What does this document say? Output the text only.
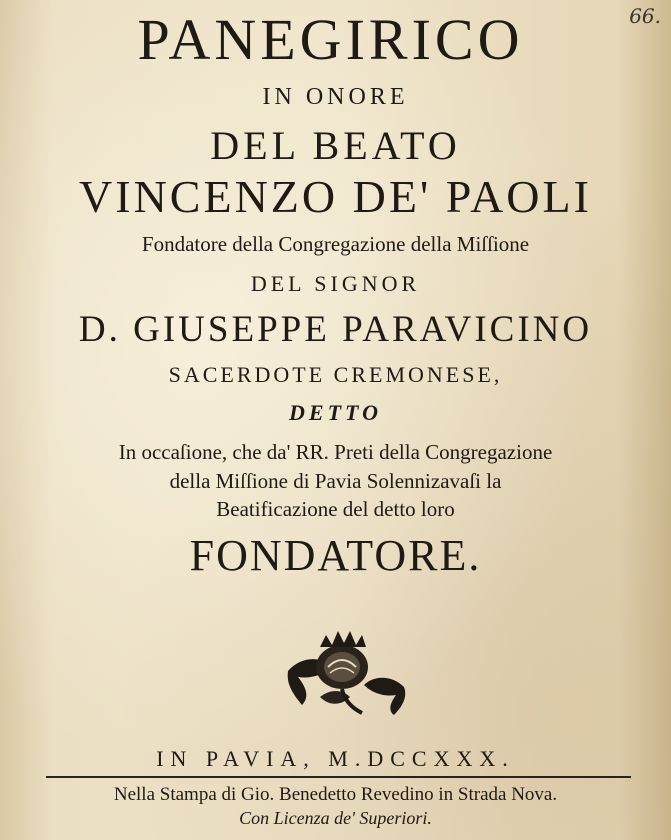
66.
PANEGIRICO
IN ONORE
DEL BEATO
VINCENZO DE' PAOLI
Fondatore della Congregazione della Miſſione
DEL SIGNOR
D. GIUSEPPE PARAVICINO
SACERDOTE CREMONESE,
DETTO
In occaſione, che da' RR. Preti della Congregazione
della Miſſione di Pavia Solennizavaſi la
Beatificazione del detto loro
FONDATORE.
IN PAVIA, M.DCCXXX.
Nella Stampa di Gio. Benedetto Revedino in Strada Nova.
Con Licenza de' Superiori.
